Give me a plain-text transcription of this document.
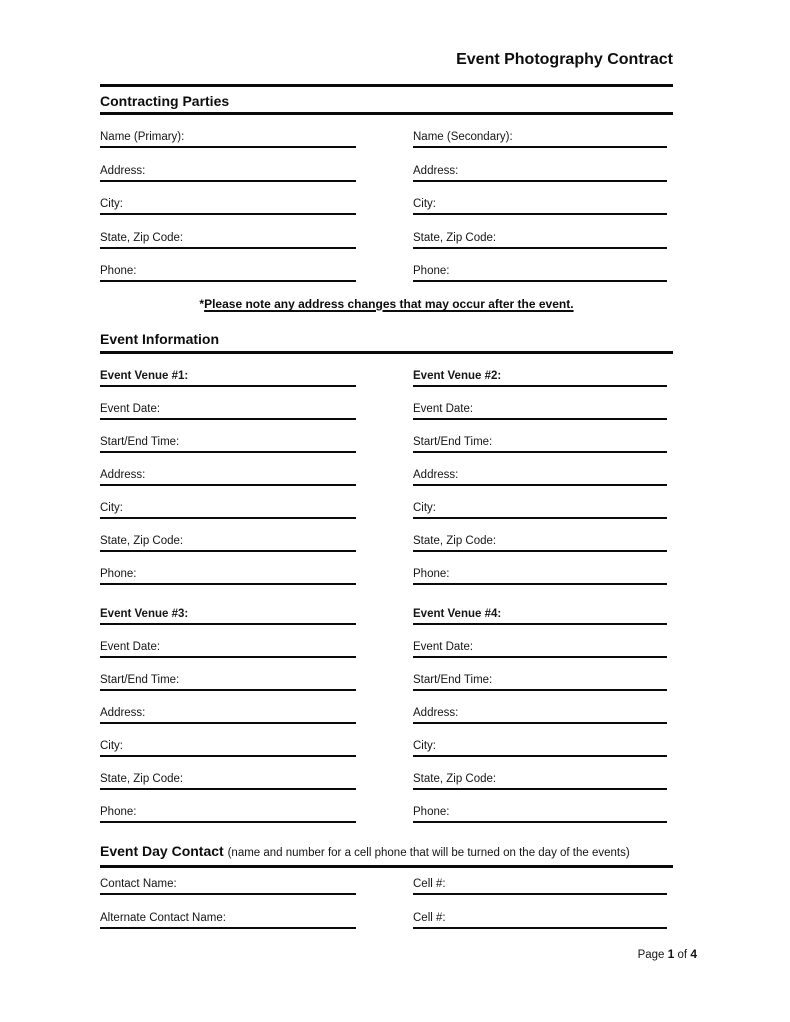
Event Photography Contract
Contracting Parties
Name (Primary):
Address:
City:
State, Zip Code:
Phone:
Name (Secondary):
Address:
City:
State, Zip Code:
Phone:
*Please note any address changes that may occur after the event.
Event Information
Event Venue #1:
Event Date:
Start/End Time:
Address:
City:
State, Zip Code:
Phone:
Event Venue #2:
Event Date:
Start/End Time:
Address:
City:
State, Zip Code:
Phone:
Event Venue #3:
Event Date:
Start/End Time:
Address:
City:
State, Zip Code:
Phone:
Event Venue #4:
Event Date:
Start/End Time:
Address:
City:
State, Zip Code:
Phone:
Event Day Contact (name and number for a cell phone that will be turned on the day of the events)
Contact Name:
Alternate Contact Name:
Cell #:
Cell #:
Page 1 of 4
